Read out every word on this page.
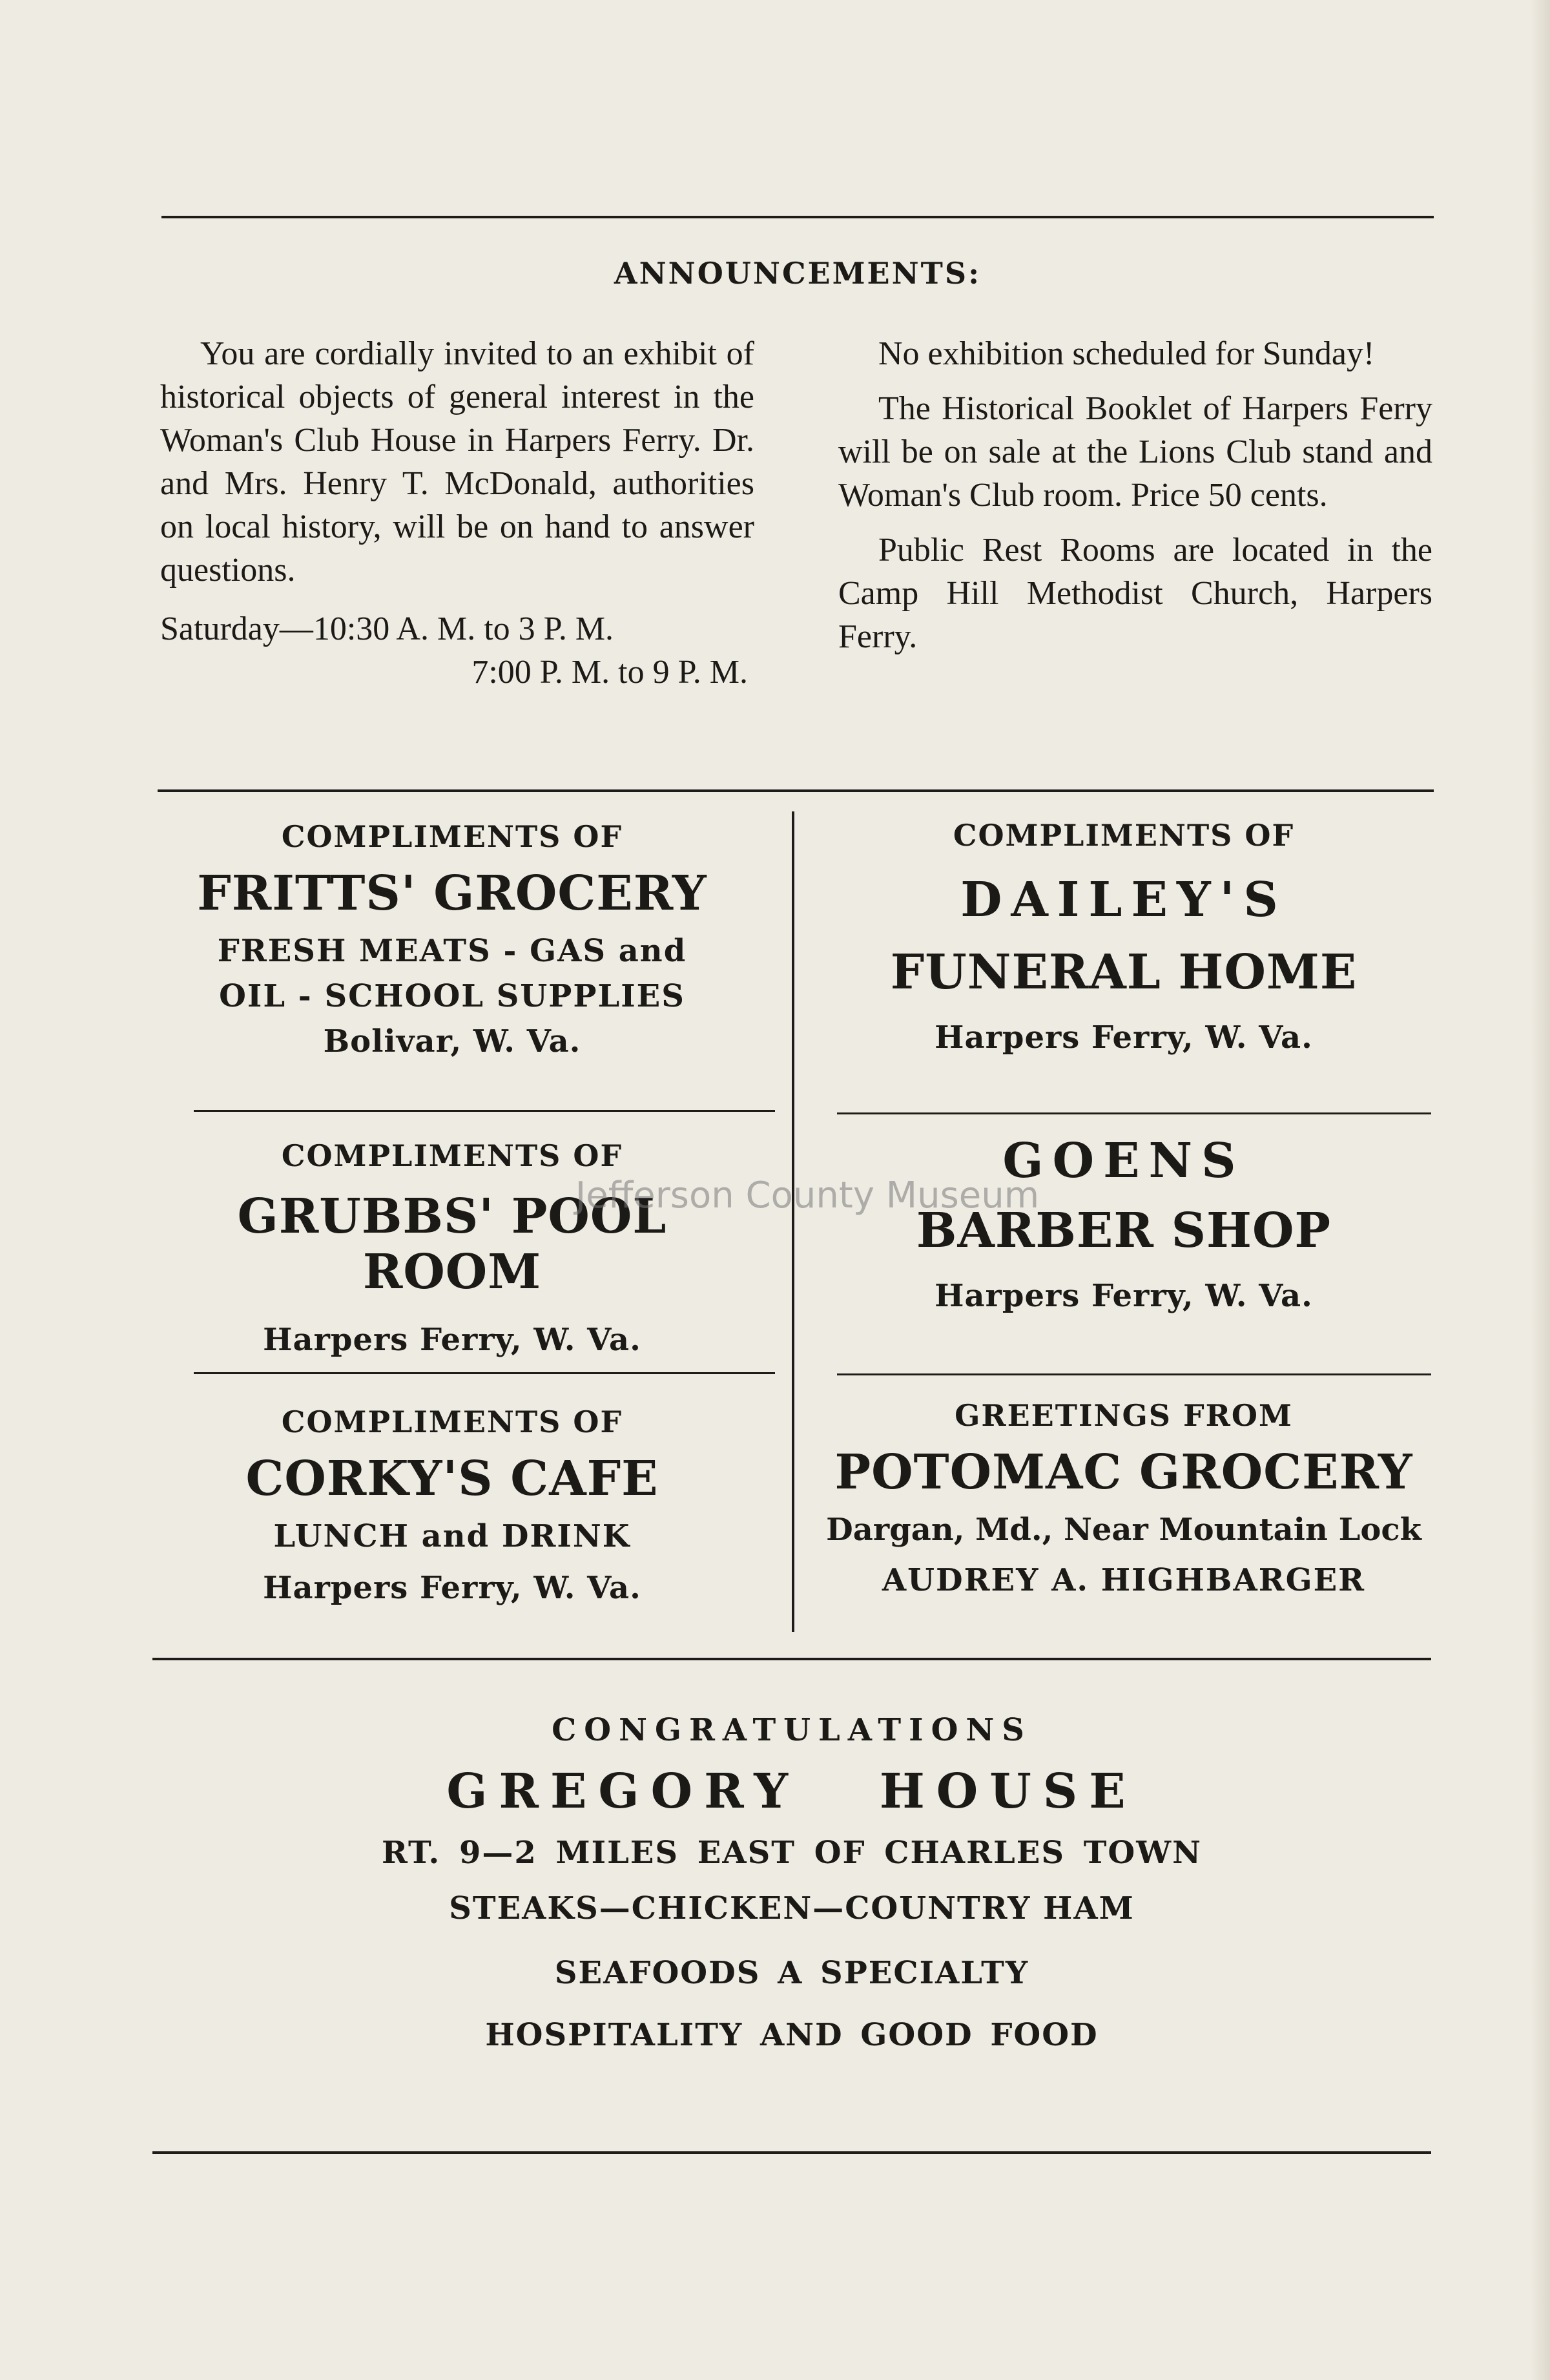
ANNOUNCEMENTS:

You are cordially invited to an exhibit of historical objects of general interest in the Woman's Club House in Harpers Ferry. Dr. and Mrs. Henry T. McDonald, authorities on local history, will be on hand to answer questions.

Saturday—10:30 A. M. to 3 P. M.
7:00 P. M. to 9 P. M.

No exhibition scheduled for Sunday!

The Historical Booklet of Harpers Ferry will be on sale at the Lions Club stand and Woman's Club room. Price 50 cents.

Public Rest Rooms are located in the Camp Hill Methodist Church, Harpers Ferry.

COMPLIMENTS OF
FRITTS' GROCERY
FRESH MEATS - GAS and
OIL - SCHOOL SUPPLIES
Bolivar, W. Va.
COMPLIMENTS OF
DAILEY'S
FUNERAL HOME
Harpers Ferry, W. Va.
COMPLIMENTS OF
GRUBBS' POOL ROOM
Harpers Ferry, W. Va.
GOENS
BARBER SHOP
Harpers Ferry, W. Va.
COMPLIMENTS OF
CORKY'S CAFE
LUNCH and DRINK
Harpers Ferry, W. Va.
GREETINGS FROM
POTOMAC GROCERY
Dargan, Md., Near Mountain Lock
AUDREY A. HIGHBARGER
CONGRATULATIONS
GREGORY HOUSE
RT. 9—2 MILES EAST OF CHARLES TOWN
STEAKS—CHICKEN—COUNTRY HAM
SEAFOODS A SPECIALTY
HOSPITALITY AND GOOD FOOD
Jefferson County Museum
